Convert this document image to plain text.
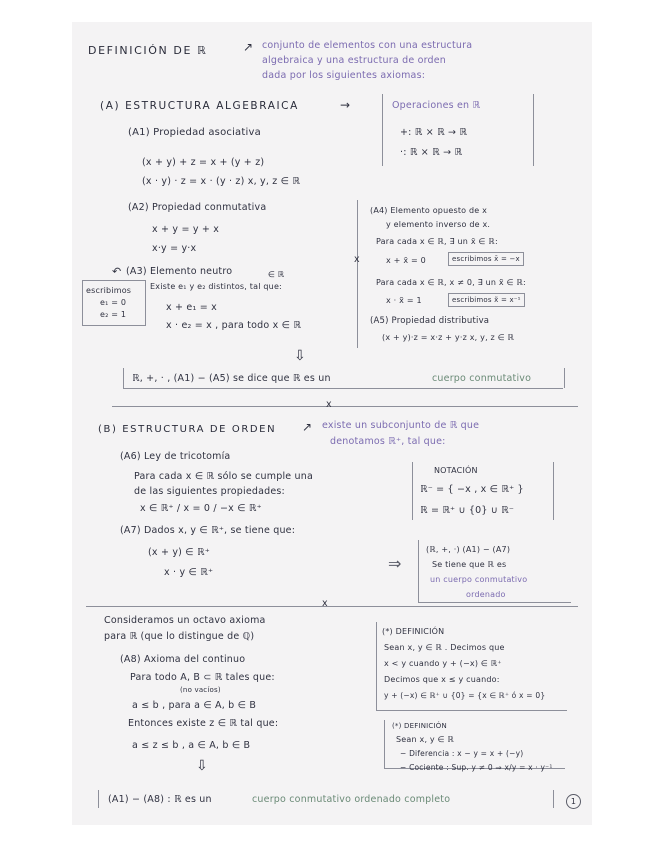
DEFINICIÓN DE ℝ	↗ conjunto de elementos con una estructura
algebraica y una estructura de orden
dada por los siguientes axiomas:
(A) ESTRUCTURA ALGEBRAICA	→	Operaciones en ℝ
+: ℝ × ℝ → ℝ
·: ℝ × ℝ → ℝ
(A1) Propiedad asociativa
(x + y) + z = x + (y + z)
(x · y) · z = x · (y · z) x, y, z ∈ ℝ
(A2) Propiedad conmutativa
x + y = y + x
x·y = y·x
↶ (A3) Elemento neutro	∈ ℝ
escribimos
e₁ = 0
e₂ = 1
Existe e₁ y e₂ distintos, tal que:
x + e₁ = x
x · e₂ = x , para todo x ∈ ℝ
x
(A4) Elemento opuesto de x
y elemento inverso de x.
Para cada x ∈ ℝ, ∃ un x̄ ∈ ℝ:
x + x̄ = 0	escribimos x̄ = −x
Para cada x ∈ ℝ, x ≠ 0, ∃ un x̃ ∈ ℝ:
x · x̃ = 1	escribimos x̃ = x⁻¹
(A5) Propiedad distributiva
(x + y)·z = x·z + y·z x, y, z ∈ ℝ
⇩
ℝ, +, · , (A1) − (A5) se dice que ℝ es un	cuerpo conmutativo
x
(B) ESTRUCTURA DE ORDEN ↗ existe un subconjunto de ℝ que
denotamos ℝ⁺, tal que:
(A6) Ley de tricotomía
Para cada x ∈ ℝ sólo se cumple una
de las siguientes propiedades:
x ∈ ℝ⁺ / x = 0 / −x ∈ ℝ⁺
(A7) Dados x, y ∈ ℝ⁺, se tiene que:
(x + y) ∈ ℝ⁺
x · y ∈ ℝ⁺
NOTACIÓN
ℝ⁻ = { −x , x ∈ ℝ⁺ }
ℝ = ℝ⁺ ∪ {0} ∪ ℝ⁻
⇒
(ℝ, +, ·) (A1) − (A7)
Se tiene que ℝ es
un cuerpo conmutativo
ordenado
x
Consideramos un octavo axioma
para ℝ (que lo distingue de ℚ)
(A8) Axioma del continuo
Para todo A, B ⊂ ℝ tales que:
(no vacíos)
a ≤ b , para a ∈ A, b ∈ B
Entonces existe z ∈ ℝ tal que:
a ≤ z ≤ b , a ∈ A, b ∈ B
⇩
(*) DEFINICIÓN
Sean x, y ∈ ℝ . Decimos que
x < y cuando y + (−x) ∈ ℝ⁺
Decimos que x ≤ y cuando:
y + (−x) ∈ ℝ⁺ ∪ {0} = {x ∈ ℝ⁺ ó x = 0}
(*) DEFINICIÓN
Sean x, y ∈ ℝ
− Diferencia : x − y = x + (−y)
− Cociente : Sup. y ≠ 0 ⇒ x/y = x · y⁻¹
(A1) − (A8) : ℝ es un	cuerpo conmutativo ordenado completo	1
